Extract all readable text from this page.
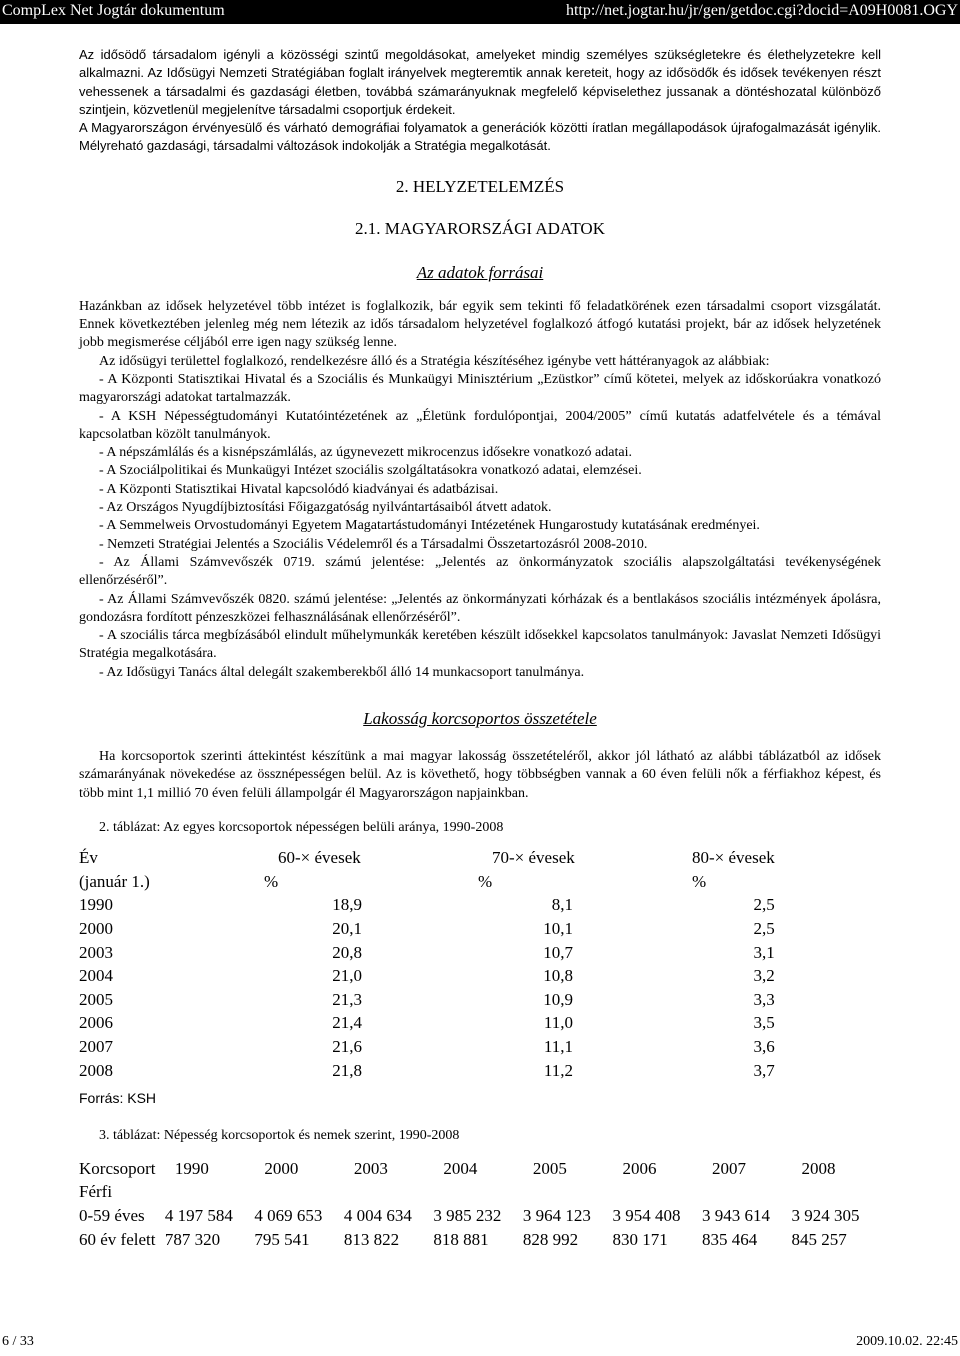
CompLex Net Jogtár dokumentum	http://net.jogtar.hu/jr/gen/getdoc.cgi?docid=A09H0081.OGY

Az idősödő társadalom igényli a közösségi szintű megoldásokat, amelyeket mindig személyes szükségletekre és élethelyzetekre kell alkalmazni. Az Idősügyi Nemzeti Stratégiában foglalt irányelvek megteremtik annak kereteit, hogy az idősödők és idősek tevékenyen részt vehessenek a társadalmi és gazdasági életben, továbbá számarányuknak megfelelő képviselethez jussanak a döntéshozatal különböző szintjein, közvetlenül megjelenítve társadalmi csoportjuk érdekeit.

A Magyarországon érvényesülő és várható demográfiai folyamatok a generációk közötti íratlan megállapodások újrafogalmazását igénylik. Mélyreható gazdasági, társadalmi változások indokolják a Stratégia megalkotását.

2. HELYZETELEMZÉS
2.1. MAGYARORSZÁGI ADATOK
Az adatok forrásai

Hazánkban az idősek helyzetével több intézet is foglalkozik, bár egyik sem tekinti fő feladatkörének ezen társadalmi csoport vizsgálatát. Ennek következtében jelenleg még nem létezik az idős társadalom helyzetével foglalkozó átfogó kutatási projekt, bár az idősek helyzetének jobb megismerése céljából erre igen nagy szükség lenne.

Az idősügyi területtel foglalkozó, rendelkezésre álló és a Stratégia készítéséhez igénybe vett háttéranyagok az alábbiak:

- A Központi Statisztikai Hivatal és a Szociális és Munkaügyi Minisztérium „Ezüstkor” című kötetei, melyek az időskorúakra vonatkozó magyarországi adatokat tartalmazzák.

- A KSH Népességtudományi Kutatóintézetének az „Életünk fordulópontjai, 2004/2005” című kutatás adatfelvétele és a témával kapcsolatban közölt tanulmányok.

- A népszámlálás és a kisnépszámlálás, az úgynevezett mikrocenzus idősekre vonatkozó adatai.

- A Szociálpolitikai és Munkaügyi Intézet szociális szolgáltatásokra vonatkozó adatai, elemzései.

- A Központi Statisztikai Hivatal kapcsolódó kiadványai és adatbázisai.

- Az Országos Nyugdíjbiztosítási Főigazgatóság nyilvántartásaiból átvett adatok.

- A Semmelweis Orvostudományi Egyetem Magatartástudományi Intézetének Hungarostudy kutatásának eredményei.

- Nemzeti Stratégiai Jelentés a Szociális Védelemről és a Társadalmi Összetartozásról 2008-2010.

- Az Állami Számvevőszék 0719. számú jelentése: „Jelentés az önkormányzatok szociális alapszolgáltatási tevékenységének ellenőrzéséről”.

- Az Állami Számvevőszék 0820. számú jelentése: „Jelentés az önkormányzati kórházak és a bentlakásos szociális intézmények ápolásra, gondozásra fordított pénzeszközei felhasználásának ellenőrzéséről”.

- A szociális tárca megbízásából elindult műhelymunkák keretében készült idősekkel kapcsolatos tanulmányok: Javaslat Nemzeti Idősügyi Stratégia megalkotására.

- Az Idősügyi Tanács által delegált szakemberekből álló 14 munkacsoport tanulmánya.

Lakosság korcsoportos összetétele

Ha korcsoportok szerinti áttekintést készítünk a mai magyar lakosság összetételéről, akkor jól látható az alábbi táblázatból az idősek számarányának növekedése az össznépességen belül. Az is követhető, hogy többségben vannak a 60 éven felüli nők a férfiakhoz képest, és több mint 1,1 millió 70 éven felüli állampolgár él Magyarországon napjainkban.

2. táblázat: Az egyes korcsoportok népességen belüli aránya, 1990-2008
Év	60-× évesek	70-× évesek	80-× évesek
(január 1.)	%	%	%
1990	18,9	8,1	2,5
2000	20,1	10,1	2,5
2003	20,8	10,7	3,1
2004	21,0	10,8	3,2
2005	21,3	10,9	3,3
2006	21,4	11,0	3,5
2007	21,6	11,1	3,6
2008	21,8	11,2	3,7
Forrás: KSH
3. táblázat: Népesség korcsoportok és nemek szerint, 1990-2008
Korcsoport	1990	2000	2003	2004	2005	2006	2007	2008
Férfi								
0-59 éves	4 197 584	4 069 653	4 004 634	3 985 232	3 964 123	3 954 408	3 943 614	3 924 305
60 év felett	787 320	795 541	813 822	818 881	828 992	830 171	835 464	845 257
6 / 33	2009.10.02. 22:45
